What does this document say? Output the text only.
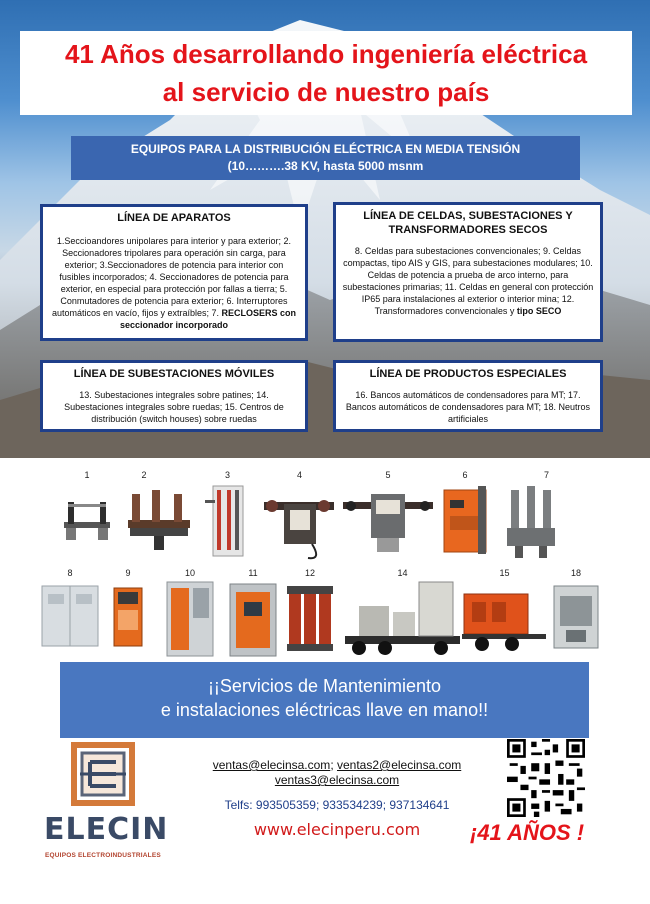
41 Años desarrollando ingeniería eléctrica
al servicio de nuestro país
EQUIPOS PARA LA DISTRIBUCIÓN ELÉCTRICA EN MEDIA TENSIÓN
(10……….38 KV, hasta 5000 msnm
LÍNEA DE APARATOS

1.Seccioandores unipolares para interior y para exterior; 2. Seccionadores tripolares para operación sin carga, para exterior; 3.Seccionadores de potencia para interior con fusibles incorporados; 4. Seccionadores de potencia para exterior, en especial para protección por fallas a tierra; 5. Conmutadores de potencia para exterior; 6. Interruptores automáticos en vacío, fijos y extraíbles; 7. RECLOSERS con seccionador incorporado

LÍNEA DE CELDAS, SUBESTACIONES Y TRANSFORMADORES SECOS

8. Celdas para subestaciones convencionales; 9. Celdas compactas, tipo AIS y GIS, para subestaciones modulares; 10. Celdas de potencia a prueba de arco interno, para subestaciones primarias; 11. Celdas en general con protección IP65 para instalaciones al exterior o interior mina; 12. Transformadores convencionales y tipo SECO

LÍNEA DE SUBESTACIONES MÓVILES

13. Subestaciones integrales sobre patines; 14. Subestaciones integrales sobre ruedas; 15. Centros de distribución (switch houses) sobre ruedas

LÍNEA DE PRODUCTOS ESPECIALES

16. Bancos automáticos de condensadores para MT; 17. Bancos automáticos de condensadores para MT; 18. Neutros artificiales

1	2	3	4	5	6	7
8	9	10	11	12	14	15	18
¡¡Servicios de Mantenimiento
e instalaciones eléctricas llave en mano!!
ELECIN
EQUIPOS ELECTROINDUSTRIALES
ventas@elecinsa.com; ventas2@elecinsa.com
ventas3@elecinsa.com
Telfs: 993505359; 933534239; 937134641
www.elecinperu.com	¡41 AÑOS !
